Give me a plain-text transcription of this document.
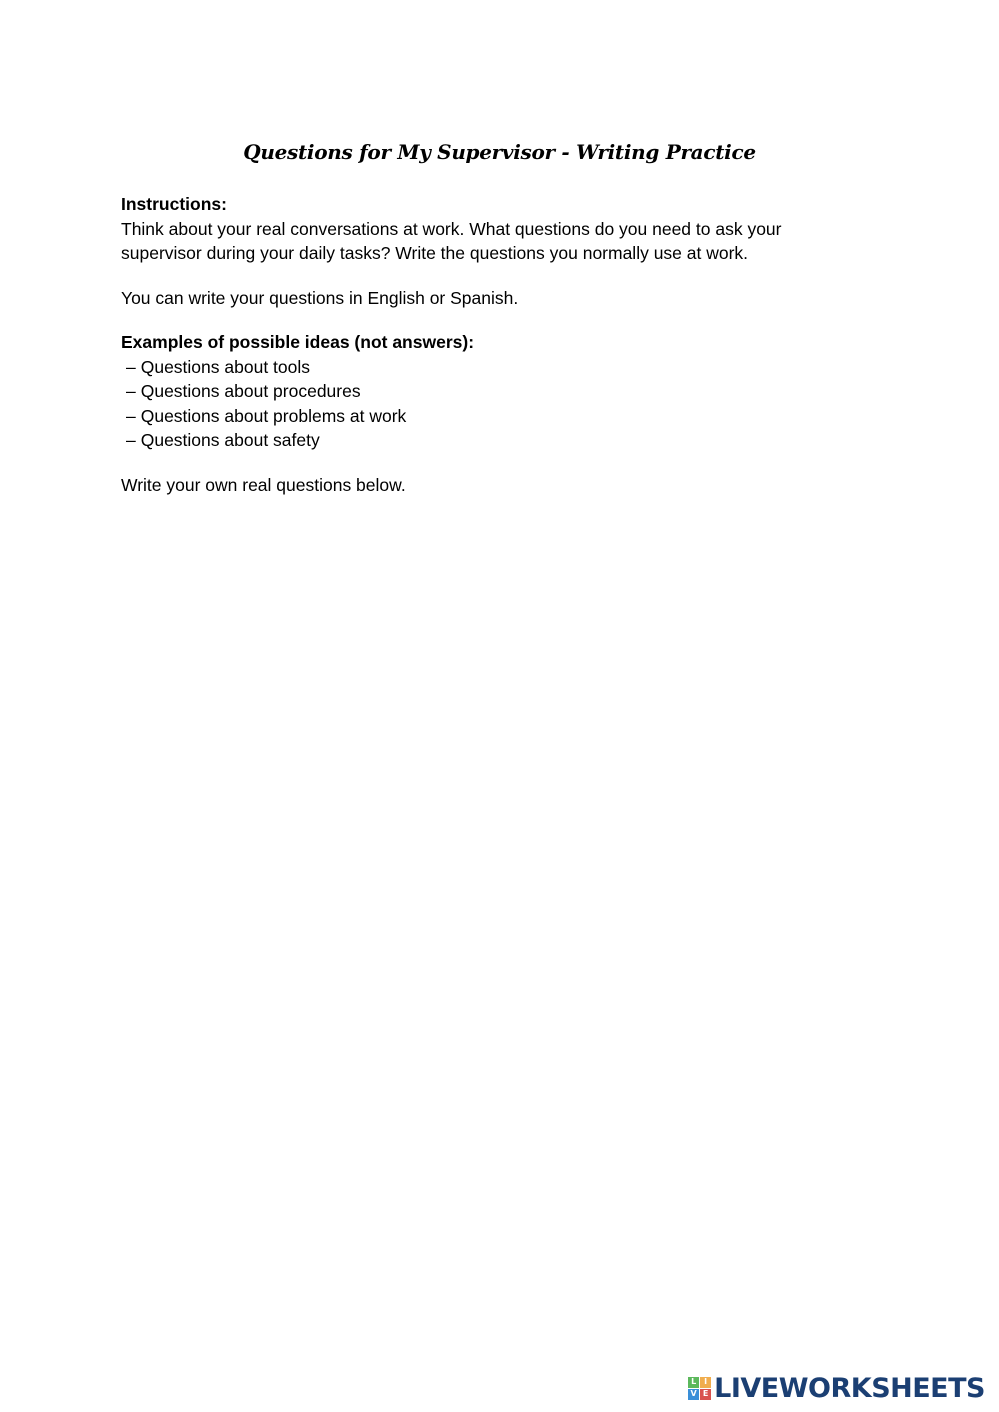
Questions for My Supervisor - Writing Practice

Instructions:

Think about your real conversations at work. What questions do you need to ask your supervisor during your daily tasks? Write the questions you normally use at work.

You can write your questions in English or Spanish.

Examples of possible ideas (not answers):

– Questions about tools
– Questions about procedures
– Questions about problems at work
– Questions about safety

Write your own real questions below.

L I
V E LIVEWORKSHEETS
